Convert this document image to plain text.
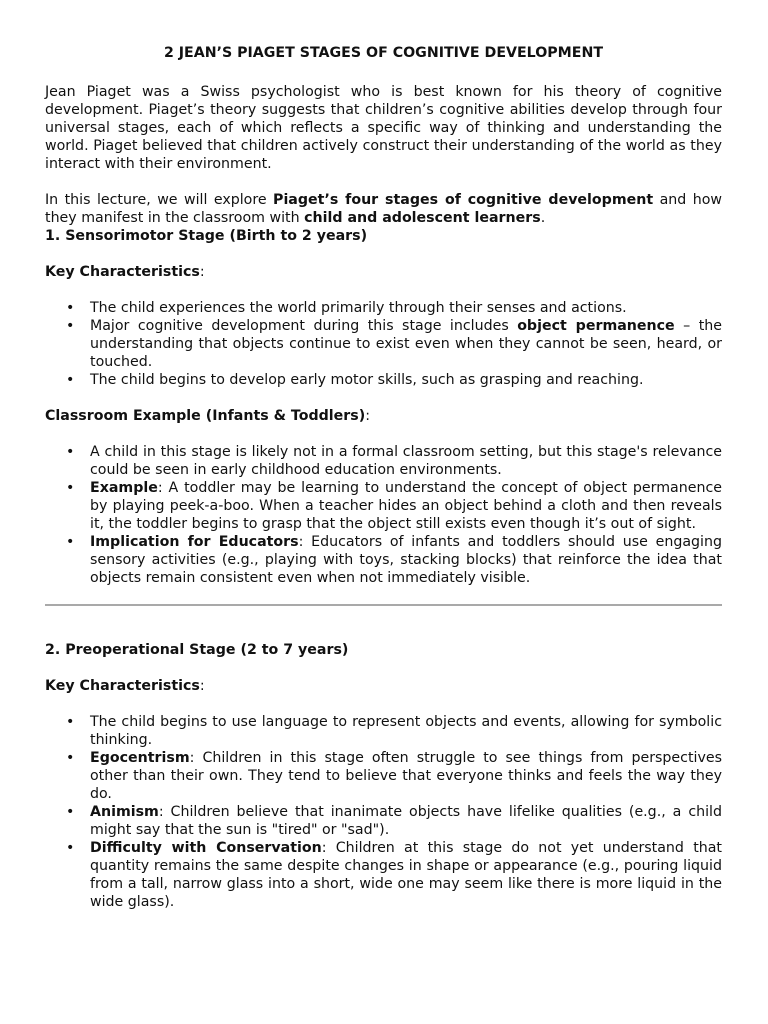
2 JEAN’S PIAGET STAGES OF COGNITIVE DEVELOPMENT

Jean Piaget was a Swiss psychologist who is best known for his theory of cognitive development. Piaget’s theory suggests that children’s cognitive abilities develop through four universal stages, each of which reflects a specific way of thinking and understanding the world. Piaget believed that children actively construct their understanding of the world as they interact with their environment.

In this lecture, we will explore Piaget’s four stages of cognitive development and how they manifest in the classroom with child and adolescent learners.

1. Sensorimotor Stage (Birth to 2 years)

Key Characteristics:

• The child experiences the world primarily through their senses and actions.
• Major cognitive development during this stage includes object permanence – the understanding that objects continue to exist even when they cannot be seen, heard, or touched.
• The child begins to develop early motor skills, such as grasping and reaching.

Classroom Example (Infants & Toddlers):

• A child in this stage is likely not in a formal classroom setting, but this stage's relevance could be seen in early childhood education environments.
• Example: A toddler may be learning to understand the concept of object permanence by playing peek-a-boo. When a teacher hides an object behind a cloth and then reveals it, the toddler begins to grasp that the object still exists even though it’s out of sight.
• Implication for Educators: Educators of infants and toddlers should use engaging sensory activities (e.g., playing with toys, stacking blocks) that reinforce the idea that objects remain consistent even when not immediately visible.
2. Preoperational Stage (2 to 7 years)

Key Characteristics:

• The child begins to use language to represent objects and events, allowing for symbolic thinking.
• Egocentrism: Children in this stage often struggle to see things from perspectives other than their own. They tend to believe that everyone thinks and feels the way they do.
• Animism: Children believe that inanimate objects have lifelike qualities (e.g., a child might say that the sun is "tired" or "sad").
• Difficulty with Conservation: Children at this stage do not yet understand that quantity remains the same despite changes in shape or appearance (e.g., pouring liquid from a tall, narrow glass into a short, wide one may seem like there is more liquid in the wide glass).
